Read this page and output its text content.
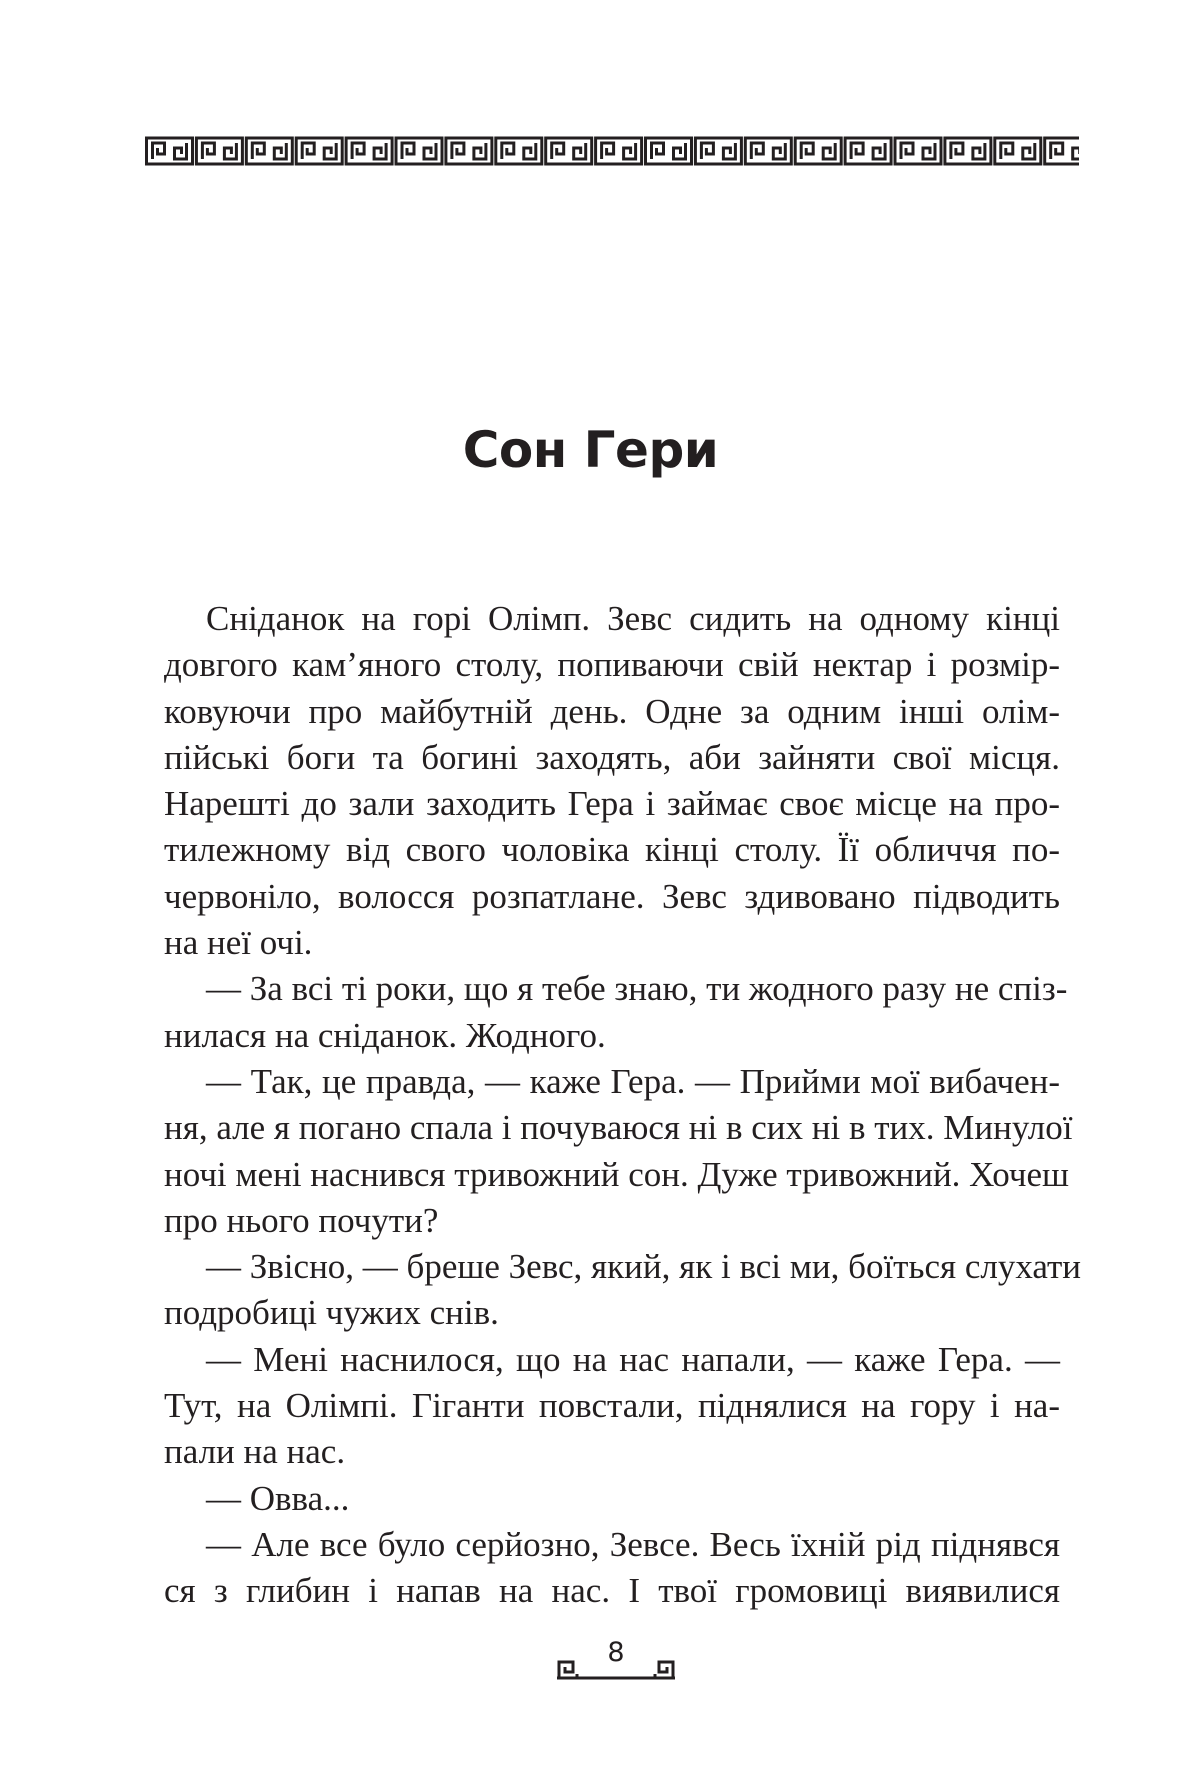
Сон Гери
Сніданок на горі Олімп. Зевс сидить на одному кінці
довгого кам’яного столу, попиваючи свій нектар і розмір-
ковуючи про майбутній день. Одне за одним інші олім-
пійські боги та богині заходять, аби зайняти свої місця.
Нарешті до зали заходить Гера і займає своє місце на про-
тилежному від свого чоловіка кінці столу. Її обличчя по-
червоніло, волосся розпатлане. Зевс здивовано підводить
на неї очі.
— За всі ті роки, що я тебе знаю, ти жодного разу не спіз-
нилася на сніданок. Жодного.
— Так, це правда, — каже Гера. — Прийми мої вибачен-
ня, але я погано спала і почуваюся ні в сих ні в тих. Минулої
ночі мені наснився тривожний сон. Дуже тривожний. Хочеш
про нього почути?
— Звісно, — бреше Зевс, який, як і всі ми, боїться слухати
подробиці чужих снів.
— Мені наснилося, що на нас напали, — каже Гера. —
Тут, на Олімпі. Гіганти повстали, піднялися на гору і на-
пали на нас.
— Овва...
— Але все було серйозно, Зевсе. Весь їхній рід піднявся
ся з глибин і напав на нас. І твої громовиці виявилися
8
